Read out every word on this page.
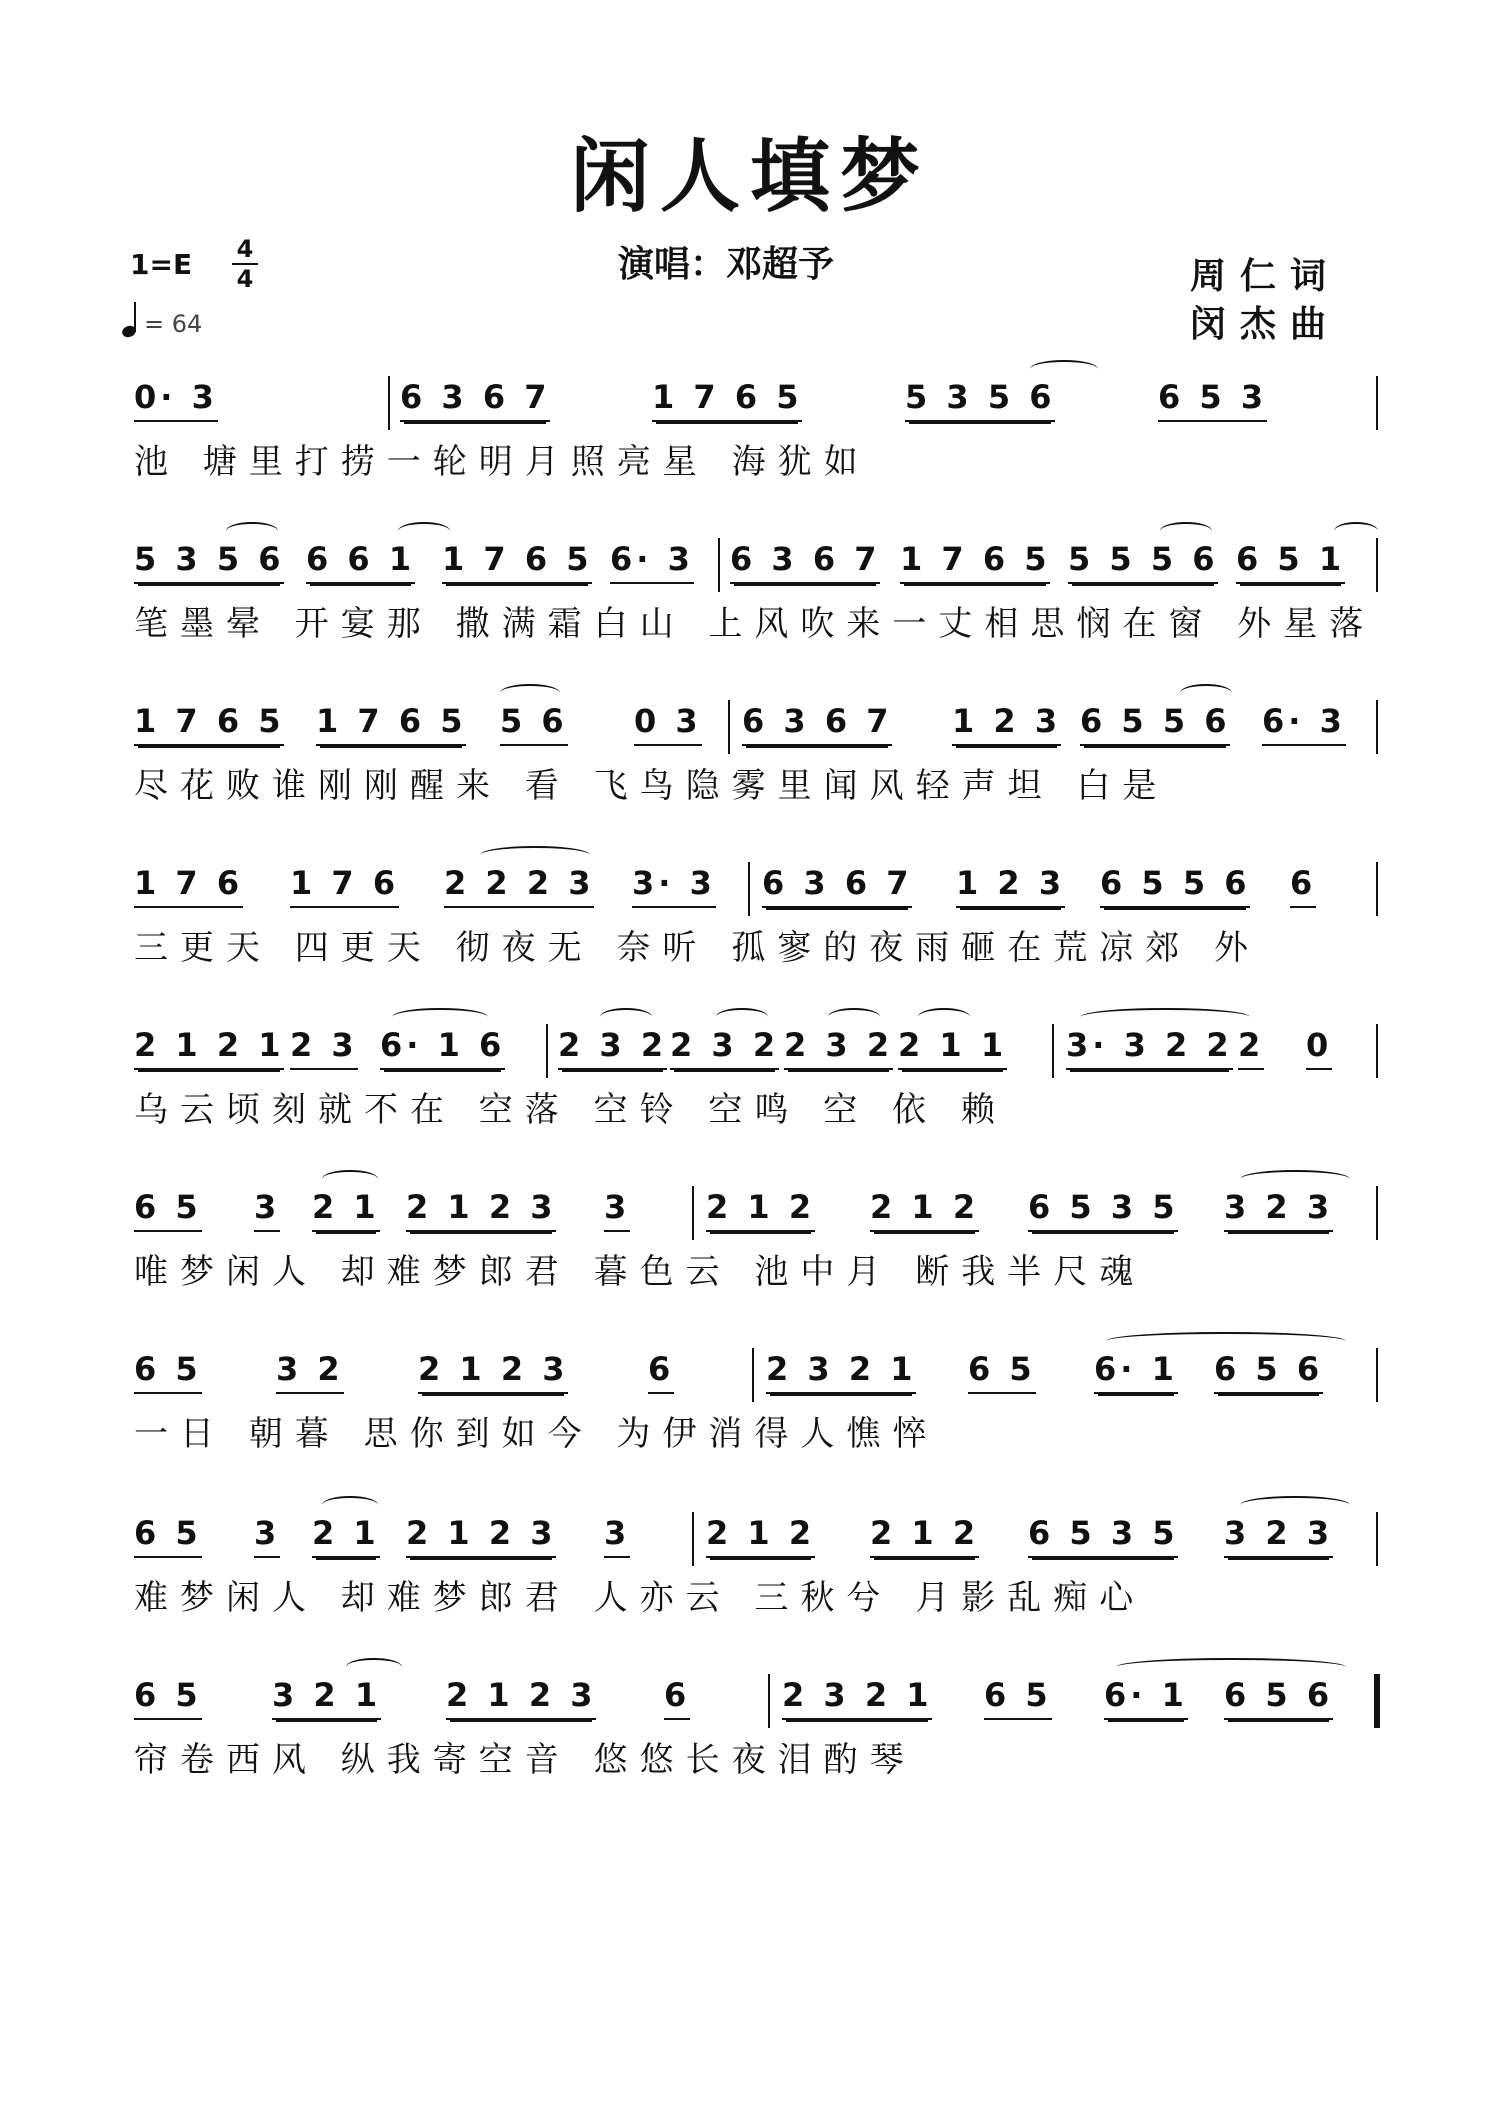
闲人填梦
1=E 4
4
= 64
演唱：邓超予	周仁词
闵杰曲
0· 3	6 3 6 7	1 7 6 5	5 3 5 6	6 5 3
池 塘里打捞一轮明月照亮星 海犹如
5 3 5 6 6 6 1 1 7 6 5 6· 3 6 3 6 7 1 7 6 5 5 5 5 6 6 5 1
笔墨晕 开宴那 撒满霜白山 上风吹来一丈相思悯在窗 外星落
1 7 6 5 1 7 6 5 5 6 0 3 6 3 6 7 1 2 3 6 5 5 6 6· 3
尽花败谁刚刚醒来 看 飞鸟隐雾里闻风轻声坦 白是
1 7 6 1 7 6 2 2 2 3 3· 3 6 3 6 7 1 2 3 6 5 5 6 6
三更天 四更天 彻夜无 奈听 孤寥的夜雨砸在荒凉郊 外
2 1 2 1 2 3 6· 1 6 2 3 2 2 3 2 2 3 2 2 1 1 3· 3 2 2 2 0
乌云顷刻就不在 空落 空铃 空鸣 空 依 赖
6 5 3 2 1 2 1 2 3 3 2 1 2 2 1 2 6 5 3 5 3 2 3
唯梦闲人 却难梦郎君 暮色云 池中月 断我半尺魂
6 5 3 2 2 1 2 3 6	2 3 2 1 6 5 6· 1 6 5 6
一日 朝暮 思你到如今 为伊消得人憔悴
6 5 3 2 1 2 1 2 3 3 2 1 2 2 1 2 6 5 3 5 3 2 3
难梦闲人 却难梦郎君 人亦云 三秋兮 月影乱痴心
6 5 3 2 1 2 1 2 3 6	2 3 2 1 6 5 6· 1 6 5 6
帘卷西风 纵我寄空音 悠悠长夜泪酌琴
